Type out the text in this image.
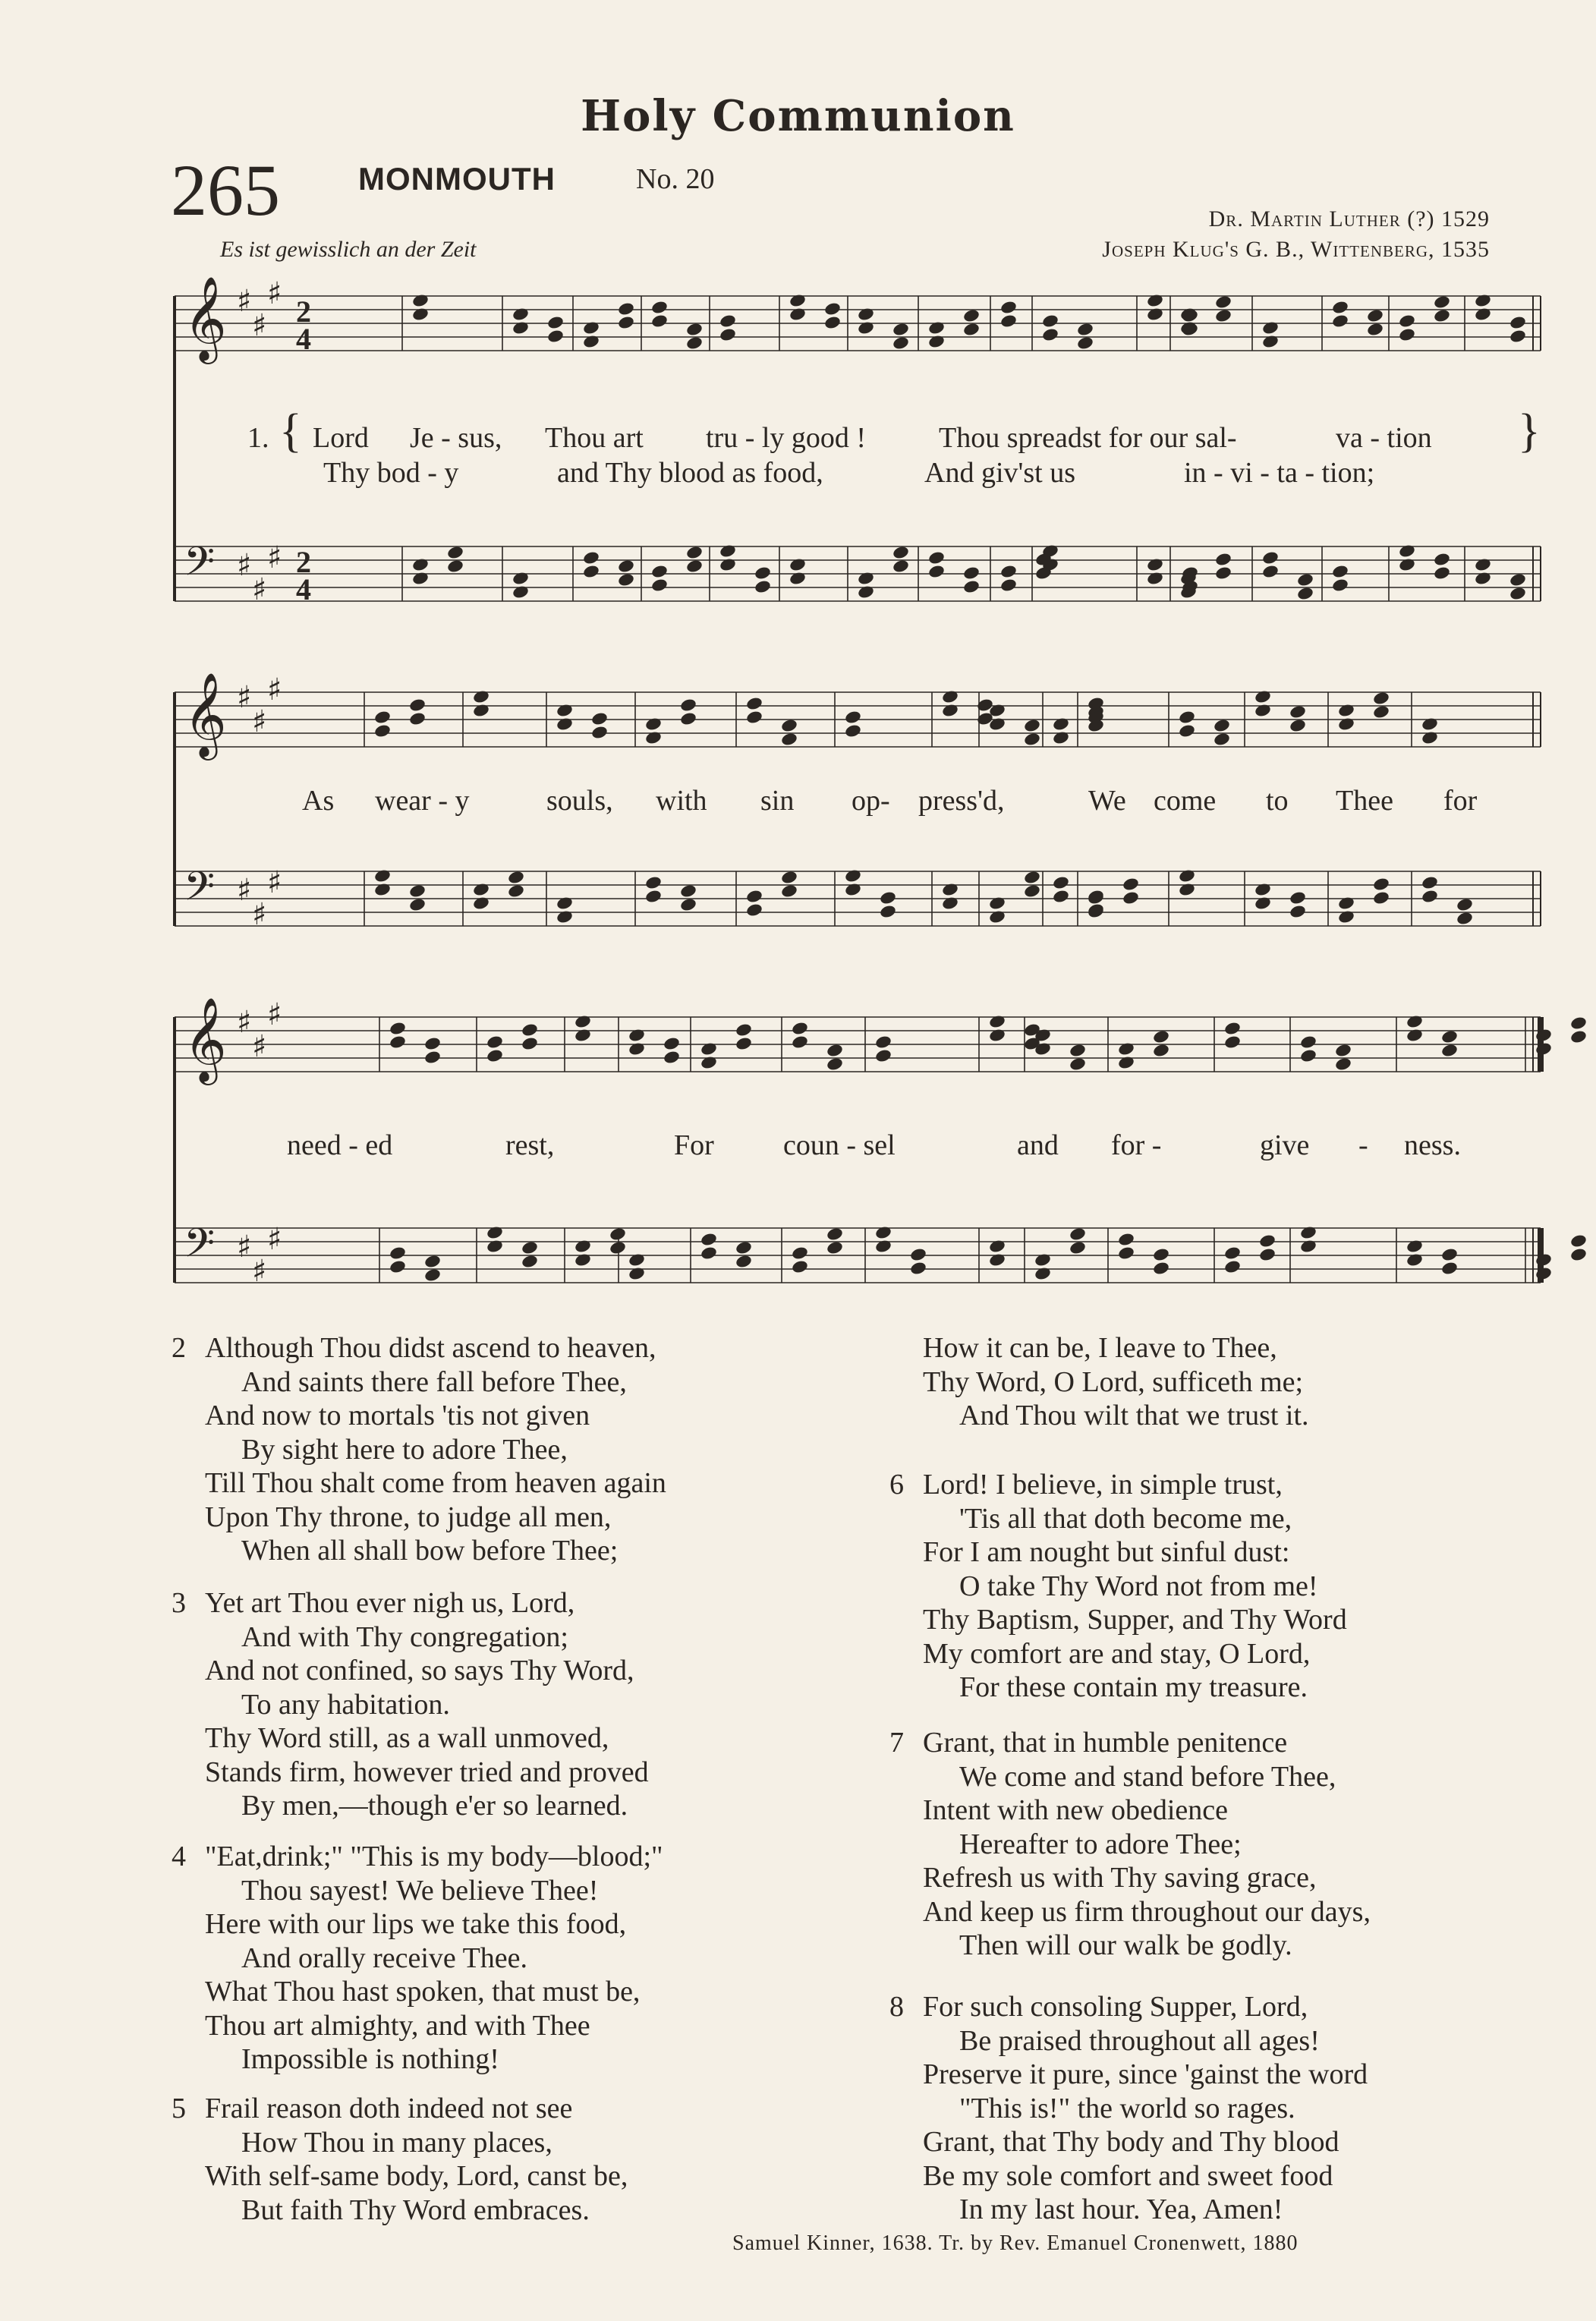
Holy Communion
265 MONMOUTH	No. 20
Dr. Martin Luther (?) 1529
Joseph Klug's G. B., Wittenberg, 1535
Es ist gewisslich an der Zeit
𝄞 ♯
♯
♯
2
4
𝄢 ♯
♯
♯ 2
4
𝄞 ♯
♯
♯
𝄢 ♯
♯
♯
𝄞 ♯
♯
♯
𝄢 ♯
♯
♯
1. { Lord Je - sus, Thou art tru - ly good !	Thou spreadst for our sal-	va - tion
Thy bod - y	and Thy blood as food,	And giv'st us	in - vi - ta - tion;
}
As wear - y	souls, with sin op- press'd,	We come to Thee for
need - ed	rest,	For coun - sel	and for -	give - ness.
2 Although Thou didst ascend to heaven,
And saints there fall before Thee,
And now to mortals 'tis not given
By sight here to adore Thee,
Till Thou shalt come from heaven again
Upon Thy throne, to judge all men,
When all shall bow before Thee;
3 Yet art Thou ever nigh us, Lord,
And with Thy congregation;
And not confined, so says Thy Word,
To any habitation.
Thy Word still, as a wall unmoved,
Stands firm, however tried and proved
By men,—though e'er so learned.
4 "Eat,drink;" "This is my body—blood;"
Thou sayest! We believe Thee!
Here with our lips we take this food,
And orally receive Thee.
What Thou hast spoken, that must be,
Thou art almighty, and with Thee
Impossible is nothing!
5 Frail reason doth indeed not see
How Thou in many places,
With self-same body, Lord, canst be,
But faith Thy Word embraces.
How it can be, I leave to Thee,
Thy Word, O Lord, sufficeth me;
And Thou wilt that we trust it.
6 Lord! I believe, in simple trust,
'Tis all that doth become me,
For I am nought but sinful dust:
O take Thy Word not from me!
Thy Baptism, Supper, and Thy Word
My comfort are and stay, O Lord,
For these contain my treasure.
7 Grant, that in humble penitence
We come and stand before Thee,
Intent with new obedience
Hereafter to adore Thee;
Refresh us with Thy saving grace,
And keep us firm throughout our days,
Then will our walk be godly.
8 For such consoling Supper, Lord,
Be praised throughout all ages!
Preserve it pure, since 'gainst the word
"This is!" the world so rages.
Grant, that Thy body and Thy blood
Be my sole comfort and sweet food
In my last hour. Yea, Amen!
Samuel Kinner, 1638. Tr. by Rev. Emanuel Cronenwett, 1880
